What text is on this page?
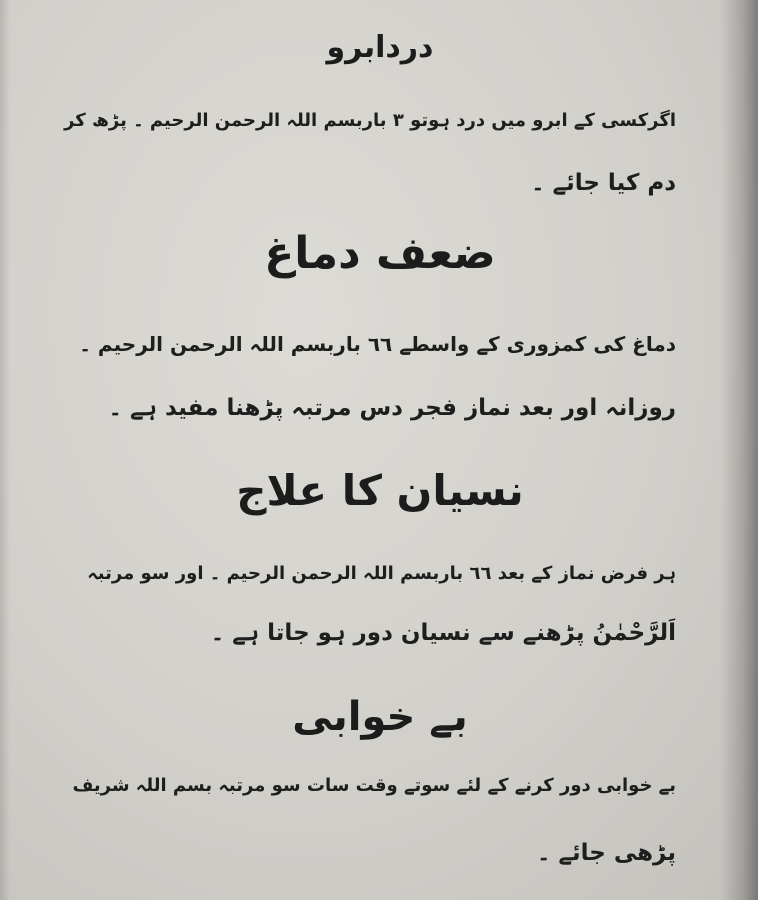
دردابرو
اگرکسی کے ابرو میں درد ہوتو ۳ باربسم اللہ الرحمن الرحیم ۔ پڑھ کر
دم کیا جائے ۔
ضعف دماغ
دماغ کی کمزوری کے واسطے ٦٦ باربسم اللہ الرحمن الرحیم ۔
روزانہ اور بعد نماز فجر دس مرتبہ پڑھنا مفید ہے ۔
نسیان کا علاج
ہر فرض نماز کے بعد ٦٦ باربسم اللہ الرحمن الرحیم ۔ اور سو مرتبہ
اَلرَّحْمٰنُ پڑھنے سے نسیان دور ہو جاتا ہے ۔
بے خوابی
بے خوابی دور کرنے کے لئے سوتے وقت سات سو مرتبہ بسم اللہ شریف
پڑھی جائے ۔
